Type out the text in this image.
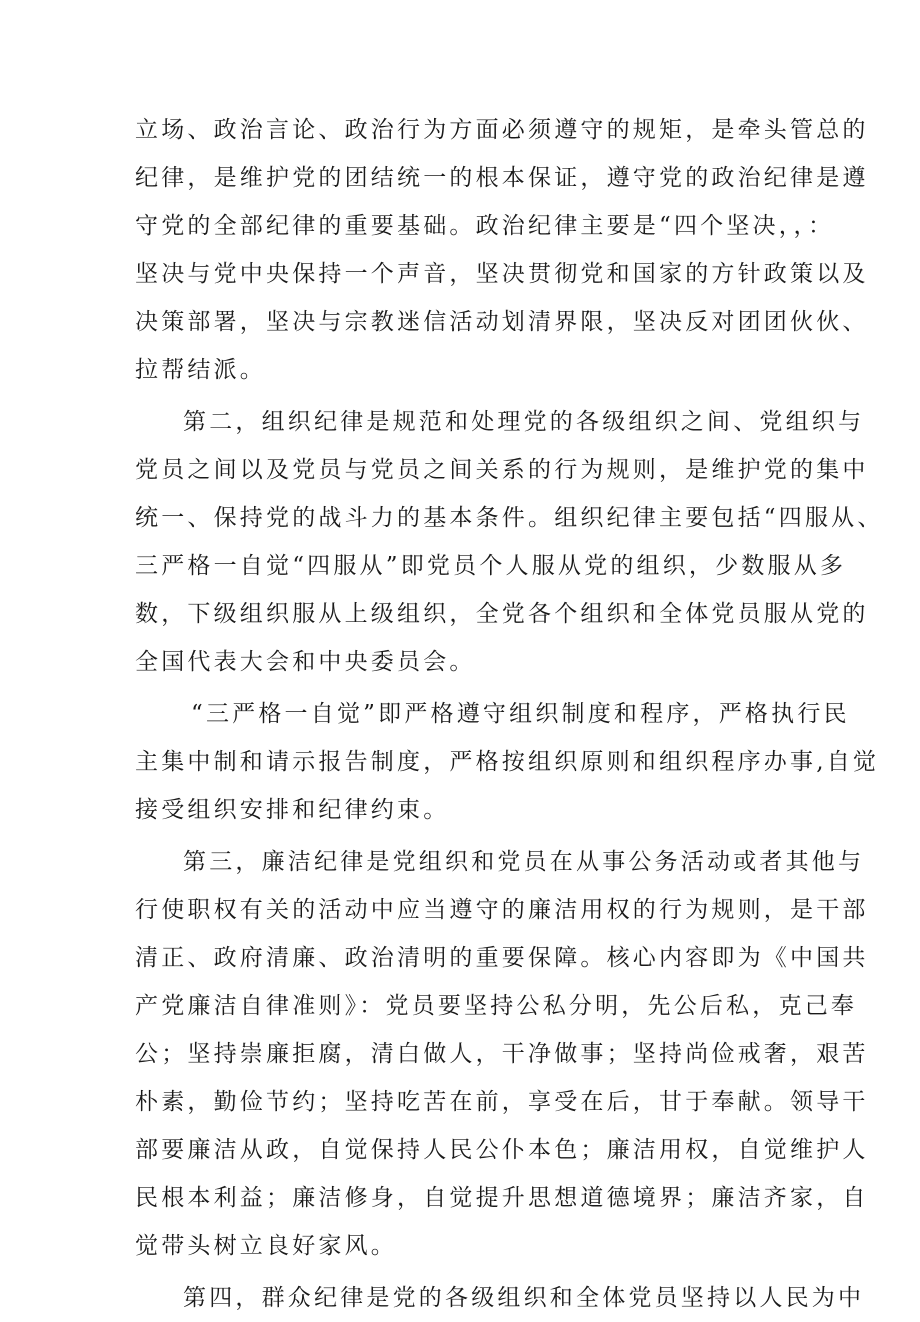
立场、政治言论、政治行为方面必须遵守的规矩，是牵头管总的
纪律，是维护党的团结统一的根本保证，遵守党的政治纪律是遵
守党的全部纪律的重要基础。政治纪律主要是“四个坚决，，：
坚决与党中央保持一个声音，坚决贯彻党和国家的方针政策以及
决策部署，坚决与宗教迷信活动划清界限，坚决反对团团伙伙、
拉帮结派。
第二，组织纪律是规范和处理党的各级组织之间、党组织与
党员之间以及党员与党员之间关系的行为规则，是维护党的集中
统一、保持党的战斗力的基本条件。组织纪律主要包括“四服从、
三严格一自觉“四服从”即党员个人服从党的组织，少数服从多
数，下级组织服从上级组织，全党各个组织和全体党员服从党的
全国代表大会和中央委员会。
“三严格一自觉”即严格遵守组织制度和程序，严格执行民
主集中制和请示报告制度，严格按组织原则和组织程序办事,自觉
接受组织安排和纪律约束。
第三，廉洁纪律是党组织和党员在从事公务活动或者其他与
行使职权有关的活动中应当遵守的廉洁用权的行为规则，是干部
清正、政府清廉、政治清明的重要保障。核心内容即为《中国共
产党廉洁自律准则》：党员要坚持公私分明，先公后私，克己奉
公；坚持崇廉拒腐，清白做人，干净做事；坚持尚俭戒奢，艰苦
朴素，勤俭节约；坚持吃苦在前，享受在后，甘于奉献。领导干
部要廉洁从政，自觉保持人民公仆本色；廉洁用权，自觉维护人
民根本利益；廉洁修身，自觉提升思想道德境界；廉洁齐家，自
觉带头树立良好家风。
第四，群众纪律是党的各级组织和全体党员坚持以人民为中
